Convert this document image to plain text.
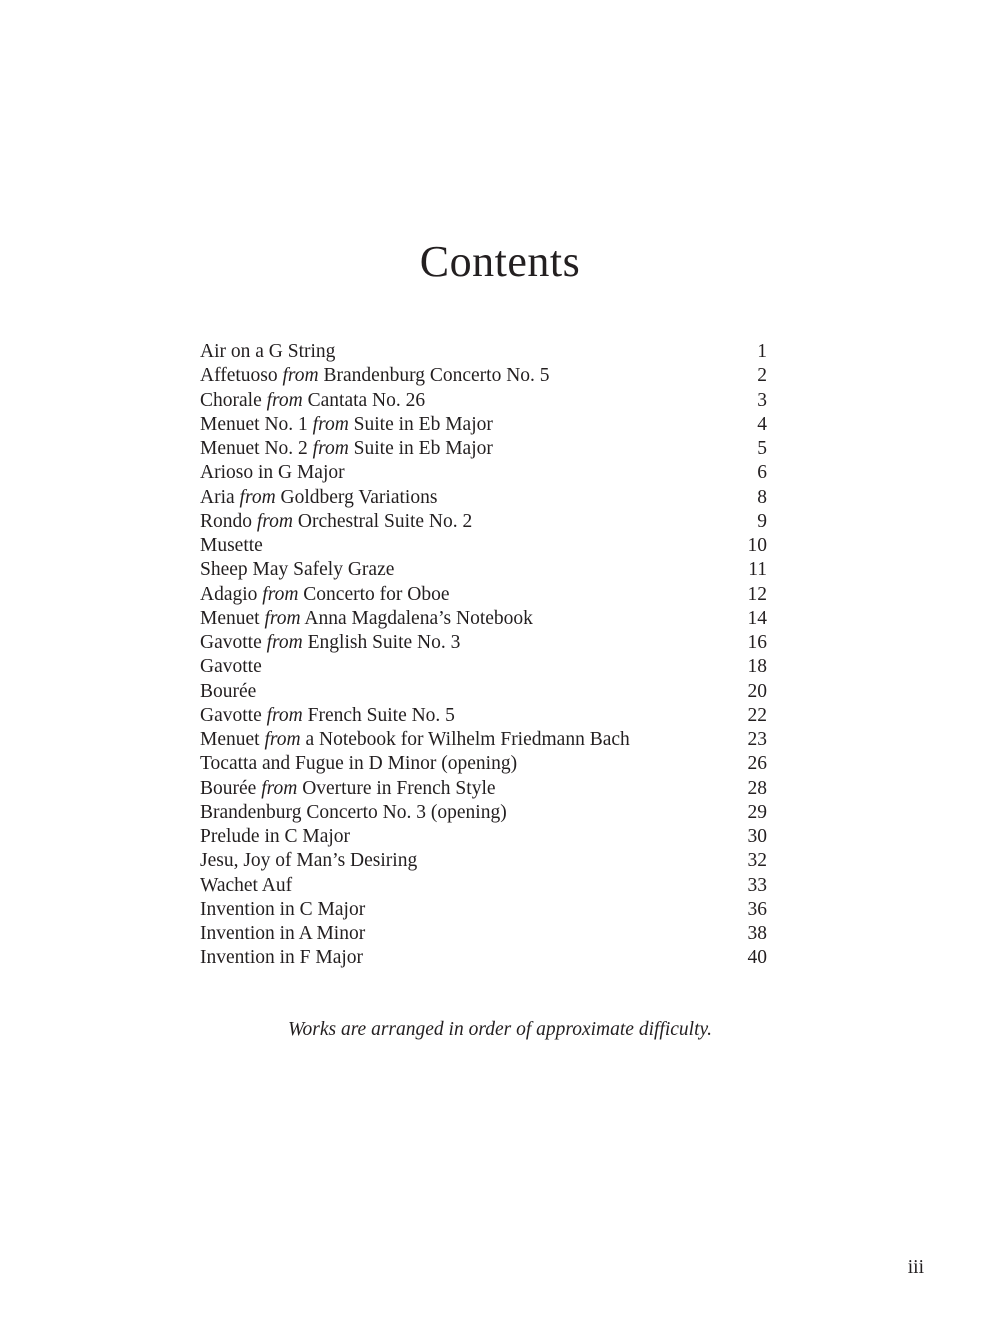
Contents
Air on a G String	1
Affetuoso from Brandenburg Concerto No. 5	2
Chorale from Cantata No. 26	3
Menuet No. 1 from Suite in Eb Major	4
Menuet No. 2 from Suite in Eb Major	5
Arioso in G Major	6
Aria from Goldberg Variations	8
Rondo from Orchestral Suite No. 2	9
Musette	10
Sheep May Safely Graze	11
Adagio from Concerto for Oboe	12
Menuet from Anna Magdalena’s Notebook	14
Gavotte from English Suite No. 3	16
Gavotte	18
Bourée	20
Gavotte from French Suite No. 5	22
Menuet from a Notebook for Wilhelm Friedmann Bach	23
Tocatta and Fugue in D Minor (opening)	26
Bourée from Overture in French Style	28
Brandenburg Concerto No. 3 (opening)	29
Prelude in C Major	30
Jesu, Joy of Man’s Desiring	32
Wachet Auf	33
Invention in C Major	36
Invention in A Minor	38
Invention in F Major	40

Works are arranged in order of approximate difficulty.

iii
